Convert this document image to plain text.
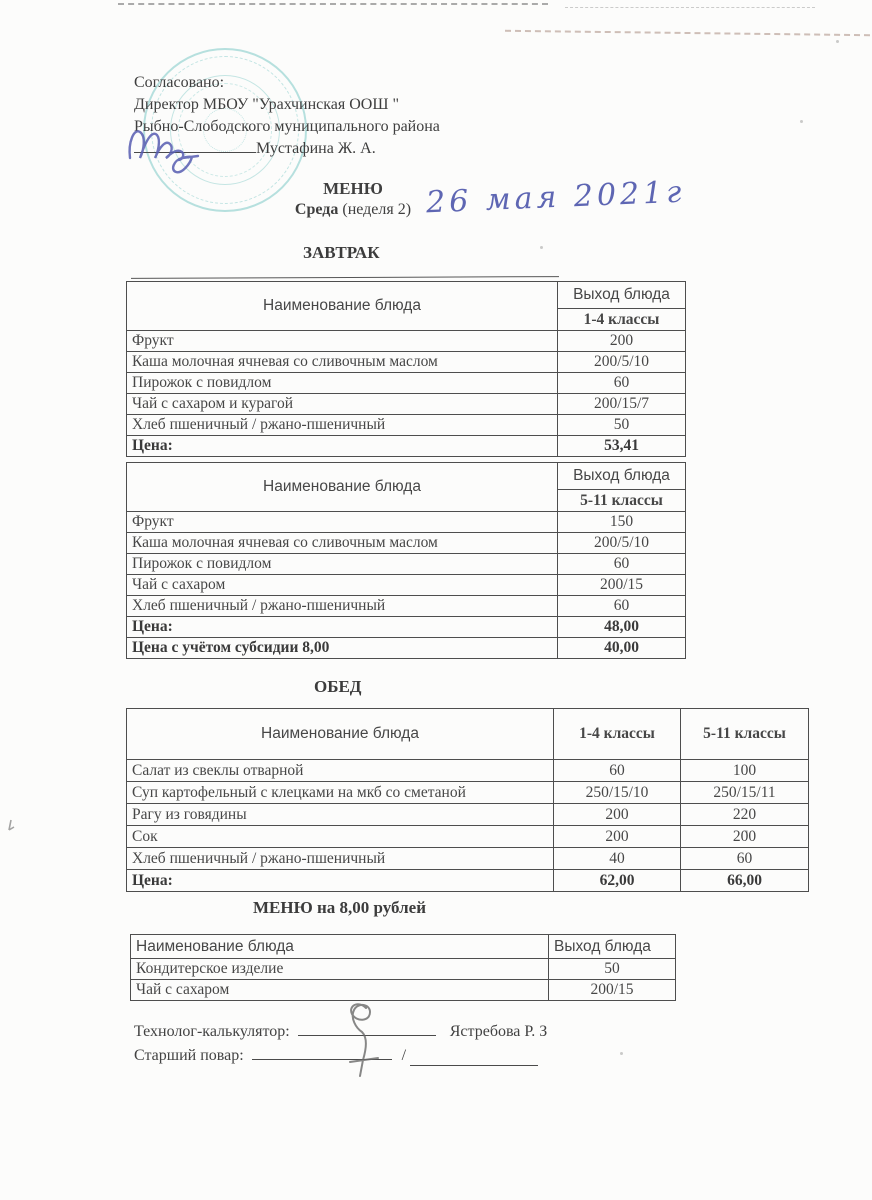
Согласовано:
Директор МБОУ "Урахчинская ООШ "
Рыбно-Слободского муниципального района
Мустафина Ж. А.
МЕНЮ
Среда (неделя 2) 26 мая 2021г
ЗАВТРАК
Наименование блюда	Выход блюда
	1-4 классы
Фрукт	200
Каша молочная ячневая со сливочным маслом	200/5/10
Пирожок с повидлом	60
Чай с сахаром и курагой	200/15/7
Хлеб пшеничный / ржано-пшеничный	50
Цена:	53,41
Наименование блюда	Выход блюда
	5-11 классы
Фрукт	150
Каша молочная ячневая со сливочным маслом	200/5/10
Пирожок с повидлом	60
Чай с сахаром	200/15
Хлеб пшеничный / ржано-пшеничный	60
Цена:	48,00
Цена с учётом субсидии 8,00	40,00
ОБЕД
Наименование блюда	1-4 классы	5-11 классы
Салат из свеклы отварной	60	100
Суп картофельный с клецками на мкб со сметаной	250/15/10	250/15/11
Рагу из говядины	200	220
Сок	200	200
Хлеб пшеничный / ржано-пшеничный	40	60
Цена:	62,00	66,00
МЕНЮ на 8,00 рублей
Наименование блюда	Выход блюда
Кондитерское изделие	50
Чай с сахаром	200/15
Технолог-калькулятор:	Ястребова Р. З
Старший повар:	/
